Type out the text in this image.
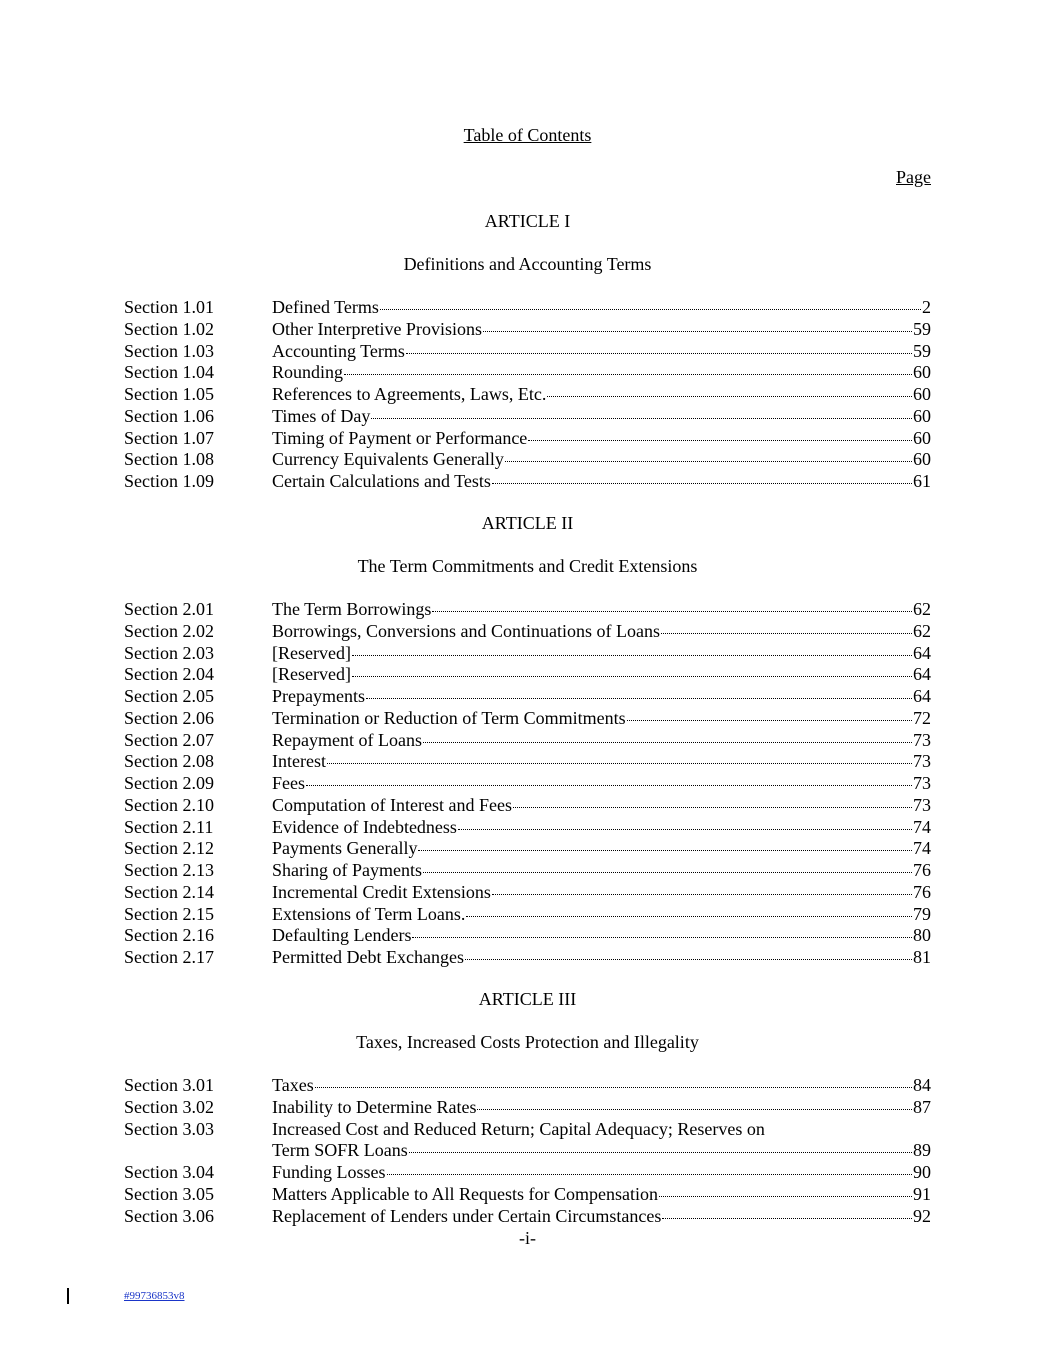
Table of Contents
Page
ARTICLE I
Definitions and Accounting Terms
Section 1.01	Defined Terms	2
Section 1.02	Other Interpretive Provisions	59
Section 1.03	Accounting Terms	59
Section 1.04	Rounding	60
Section 1.05	References to Agreements, Laws, Etc.	60
Section 1.06	Times of Day	60
Section 1.07	Timing of Payment or Performance	60
Section 1.08	Currency Equivalents Generally	60
Section 1.09	Certain Calculations and Tests	61
ARTICLE II
The Term Commitments and Credit Extensions
Section 2.01	The Term Borrowings	62
Section 2.02	Borrowings, Conversions and Continuations of Loans	62
Section 2.03	[Reserved]	64
Section 2.04	[Reserved]	64
Section 2.05	Prepayments	64
Section 2.06	Termination or Reduction of Term Commitments	72
Section 2.07	Repayment of Loans	73
Section 2.08	Interest	73
Section 2.09	Fees	73
Section 2.10	Computation of Interest and Fees	73
Section 2.11	Evidence of Indebtedness	74
Section 2.12	Payments Generally	74
Section 2.13	Sharing of Payments	76
Section 2.14	Incremental Credit Extensions	76
Section 2.15	Extensions of Term Loans.	79
Section 2.16	Defaulting Lenders	80
Section 2.17	Permitted Debt Exchanges	81
ARTICLE III
Taxes, Increased Costs Protection and Illegality
Section 3.01	Taxes	84
Section 3.02	Inability to Determine Rates	87
Section 3.03	Increased Cost and Reduced Return; Capital Adequacy; Reserves on
Term SOFR Loans	89
Section 3.04	Funding Losses	90
Section 3.05	Matters Applicable to All Requests for Compensation	91
Section 3.06	Replacement of Lenders under Certain Circumstances	92
-i-
#99736853v8
